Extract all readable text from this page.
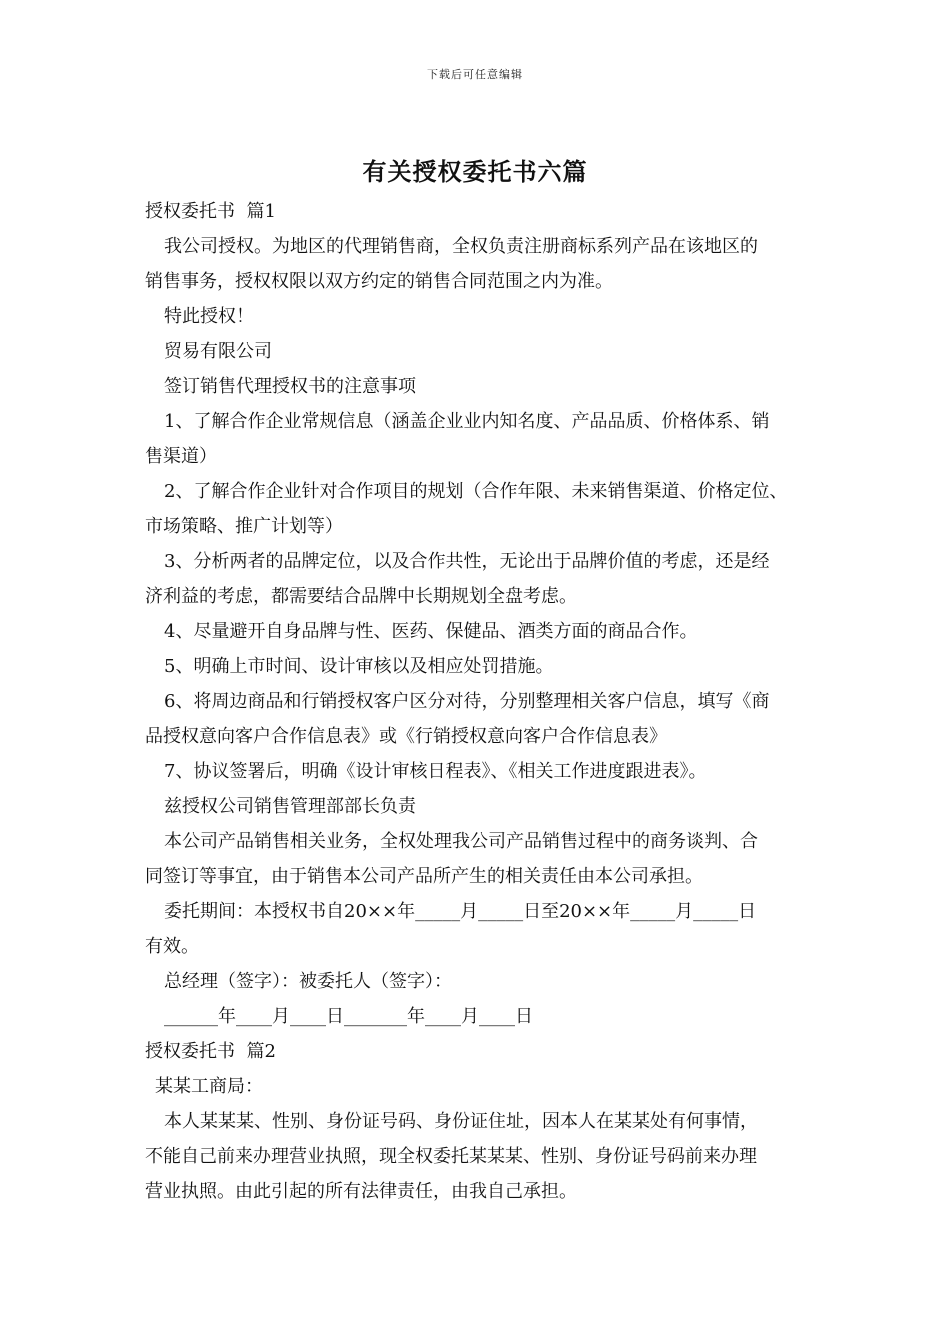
下载后可任意编辑
有关授权委托书六篇
授权委托书  篇1
我公司授权。为地区的代理销售商，全权负责注册商标系列产品在该地区的
销售事务，授权权限以双方约定的销售合同范围之内为准。
特此授权！
贸易有限公司
签订销售代理授权书的注意事项
1、了解合作企业常规信息（涵盖企业业内知名度、产品品质、价格体系、销
售渠道）
2、了解合作企业针对合作项目的规划（合作年限、未来销售渠道、价格定位、
市场策略、推广计划等）
3、分析两者的品牌定位，以及合作共性，无论出于品牌价值的考虑，还是经
济利益的考虑，都需要结合品牌中长期规划全盘考虑。
4、尽量避开自身品牌与性、医药、保健品、酒类方面的商品合作。
5、明确上市时间、设计审核以及相应处罚措施。
6、将周边商品和行销授权客户区分对待，分别整理相关客户信息，填写《商
品授权意向客户合作信息表》或《行销授权意向客户合作信息表》
7、协议签署后，明确《设计审核日程表》、《相关工作进度跟进表》。
兹授权公司销售管理部部长负责
本公司产品销售相关业务，全权处理我公司产品销售过程中的商务谈判、合
同签订等事宜，由于销售本公司产品所产生的相关责任由本公司承担。
委托期间：本授权书自20××年_____月_____日至20××年_____月_____日
有效。
总经理（签字）：被委托人（签字）：
______年____月____日_______年____月____日
授权委托书  篇2
某某工商局：
本人某某某、性别、身份证号码、身份证住址，因本人在某某处有何事情，
不能自己前来办理营业执照，现全权委托某某某、性别、身份证号码前来办理
营业执照。由此引起的所有法律责任，由我自己承担。
